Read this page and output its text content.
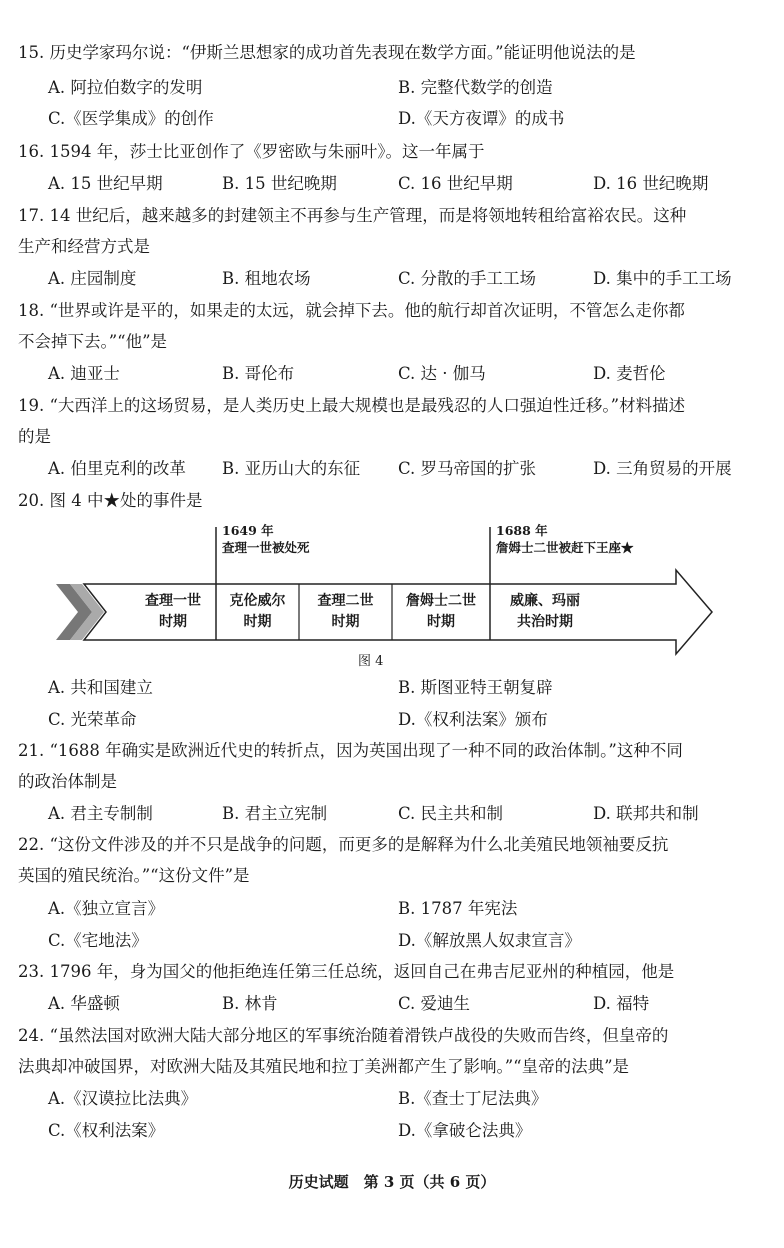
15. 历史学家玛尔说：“伊斯兰思想家的成功首先表现在数学方面。”能证明他说法的是
A. 阿拉伯数字的发明	B. 完整代数学的创造
C.《医学集成》的创作	D.《天方夜谭》的成书
16. 1594 年，莎士比亚创作了《罗密欧与朱丽叶》。这一年属于
A. 15 世纪早期	B. 15 世纪晚期	C. 16 世纪早期	D. 16 世纪晚期
17. 14 世纪后，越来越多的封建领主不再参与生产管理，而是将领地转租给富裕农民。这种
生产和经营方式是
A. 庄园制度	B. 租地农场	C. 分散的手工工场	D. 集中的手工工场
18. “世界或许是平的，如果走的太远，就会掉下去。他的航行却首次证明，不管怎么走你都
不会掉下去。”“他”是
A. 迪亚士	B. 哥伦布	C. 达 · 伽马	D. 麦哲伦
19. “大西洋上的这场贸易，是人类历史上最大规模也是最残忍的人口强迫性迁移。”材料描述
的是
A. 伯里克利的改革 B. 亚历山大的东征 C. 罗马帝国的扩张	D. 三角贸易的开展
20. 图 4 中★处的事件是
1649 年
查理一世被处死
1688 年
詹姆士二世被赶下王座★
查理一世
时期
克伦威尔
时期
查理二世
时期
詹姆士二世
时期
威廉、玛丽
共治时期
图 4
A. 共和国建立	B. 斯图亚特王朝复辟
C. 光荣革命	D.《权利法案》颁布
21. “1688 年确实是欧洲近代史的转折点，因为英国出现了一种不同的政治体制。”这种不同
的政治体制是
A. 君主专制制	B. 君主立宪制	C. 民主共和制	D. 联邦共和制
22. “这份文件涉及的并不只是战争的问题，而更多的是解释为什么北美殖民地领袖要反抗
英国的殖民统治。”“这份文件”是
A.《独立宣言》	B. 1787 年宪法
C.《宅地法》	D.《解放黑人奴隶宣言》
23. 1796 年，身为国父的他拒绝连任第三任总统，返回自己在弗吉尼亚州的种植园，他是
A. 华盛顿	B. 林肯	C. 爱迪生	D. 福特
24. “虽然法国对欧洲大陆大部分地区的军事统治随着滑铁卢战役的失败而告终，但皇帝的
法典却冲破国界，对欧洲大陆及其殖民地和拉丁美洲都产生了影响。”“皇帝的法典”是
A.《汉谟拉比法典》	B.《查士丁尼法典》
C.《权利法案》	D.《拿破仑法典》
历史试题　第 3 页（共 6 页）
